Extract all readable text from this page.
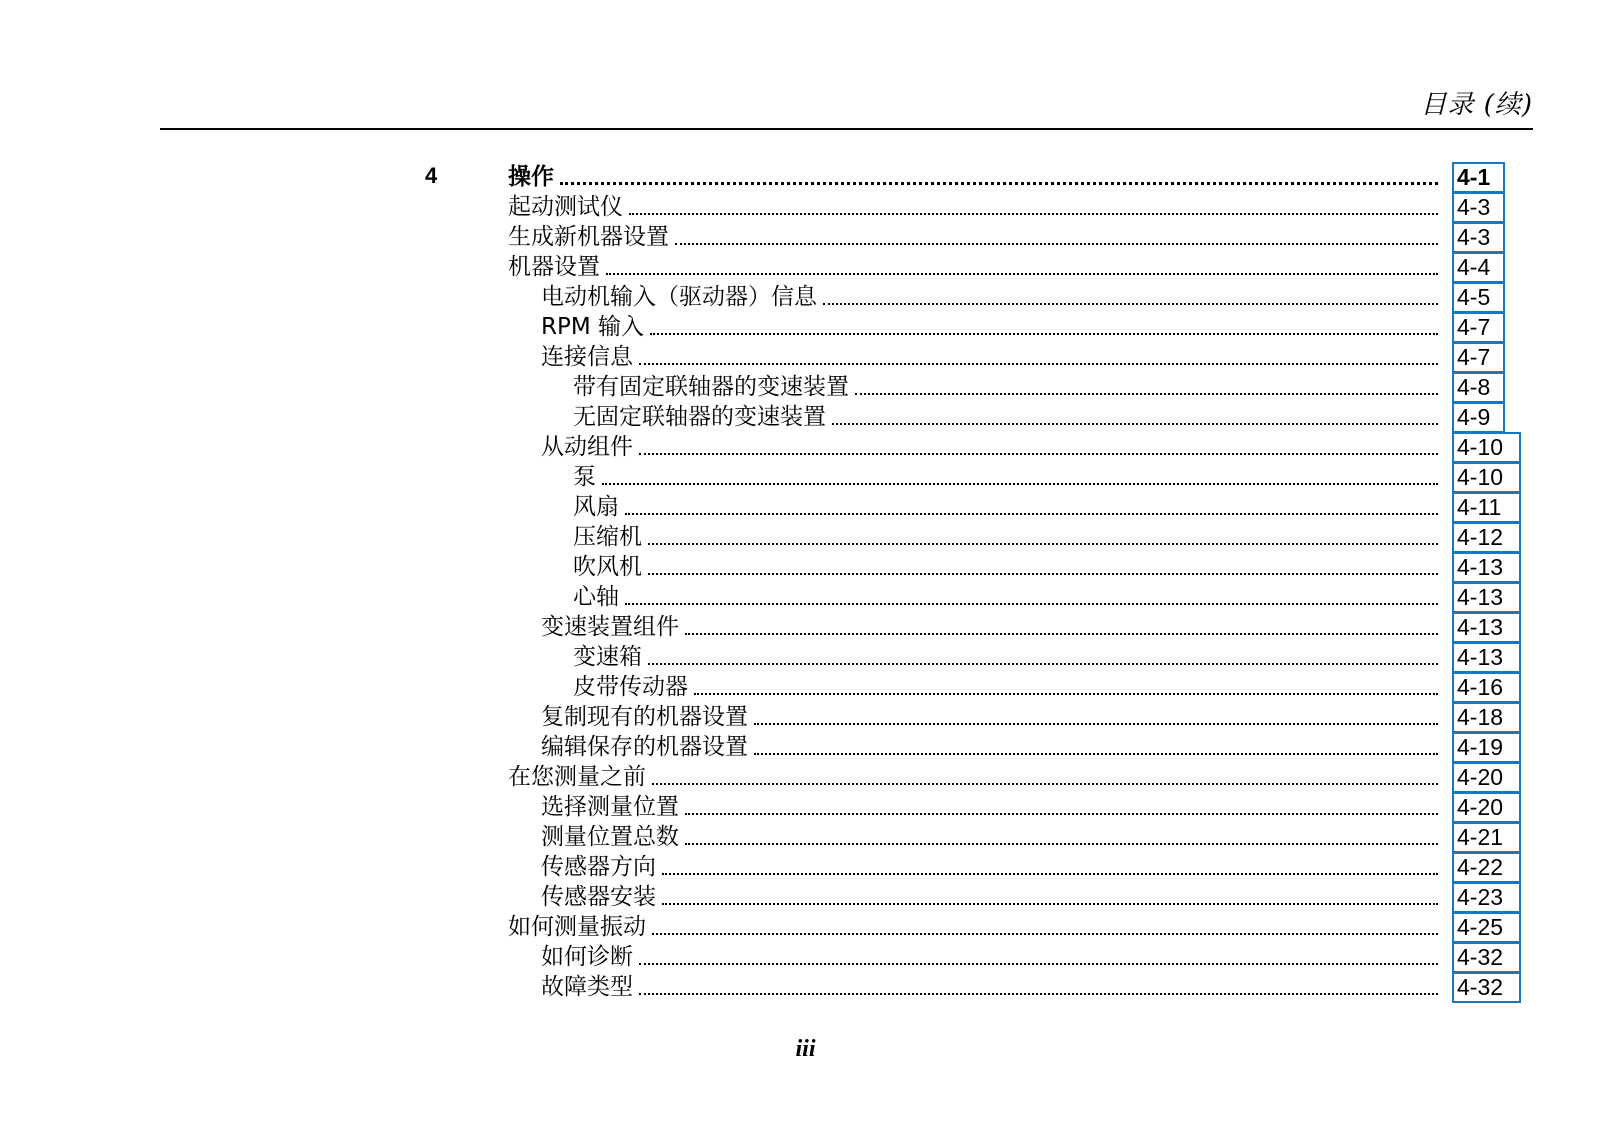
目录 (续)
4	操作	4-1
起动测试仪	4-3
生成新机器设置	4-3
机器设置	4-4
电动机输入（驱动器）信息	4-5
RPM 输入	4-7
连接信息	4-7
带有固定联轴器的变速装置	4-8
无固定联轴器的变速装置	4-9
从动组件	4-10
泵	4-10
风扇	4-11
压缩机	4-12
吹风机	4-13
心轴	4-13
变速装置组件	4-13
变速箱	4-13
皮带传动器	4-16
复制现有的机器设置	4-18
编辑保存的机器设置	4-19
在您测量之前	4-20
选择测量位置	4-20
测量位置总数	4-21
传感器方向	4-22
传感器安装	4-23
如何测量振动	4-25
如何诊断	4-32
故障类型	4-32
iii
